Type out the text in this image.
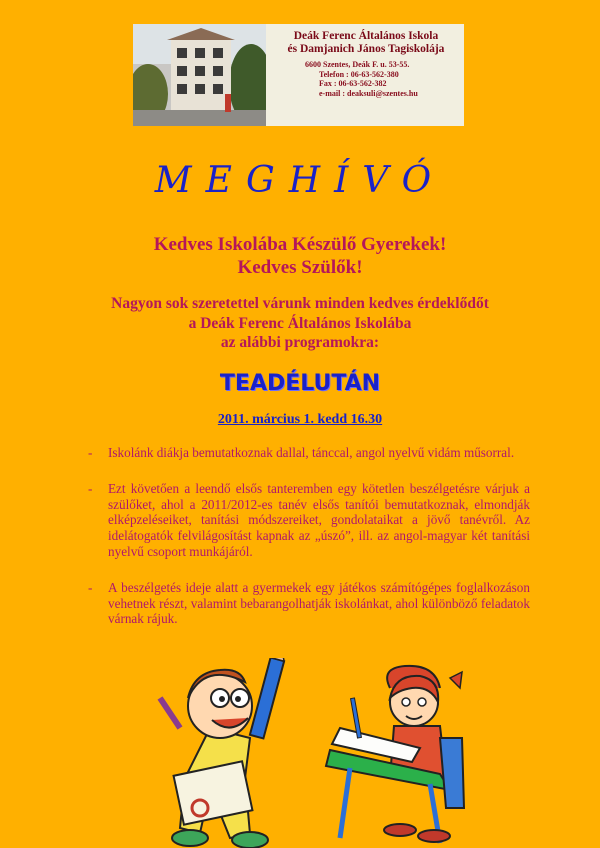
Deák Ferenc Általános Iskola
és Damjanich János Tagiskolája
6600 Szentes, Deák F. u. 53-55.
Telefon : 06-63-562-380
Fax : 06-63-562-382
e-mail : deaksuli@szentes.hu
MEGHÍVÓ
Kedves Iskolába Készülő Gyerekek!
Kedves Szülők!
Nagyon sok szeretettel várunk minden kedves érdeklődőt
a Deák Ferenc Általános Iskolába
az alábbi programokra:
TEADÉLUTÁN
2011. március 1. kedd 16.30
- Iskolánk diákja bemutatkoznak dallal, tánccal, angol nyelvű vidám műsorral.
- Ezt követően a leendő elsős tanteremben egy kötetlen beszélgetésre várjuk a szülőket, ahol a 2011/2012-es tanév elsős tanítói bemutatkoznak, elmondják elképzeléseiket, tanítási módszereiket, gondolataikat a jövő tanévről. Az idelátogatók felvilágosítást kapnak az „úszó”, ill. az angol-magyar két tanítási nyelvű csoport munkájáról.
- A beszélgetés ideje alatt a gyermekek egy játékos számítógépes foglalkozáson vehetnek részt, valamint bebarangolhatják iskolánkat, ahol különböző feladatok várnak rájuk.
